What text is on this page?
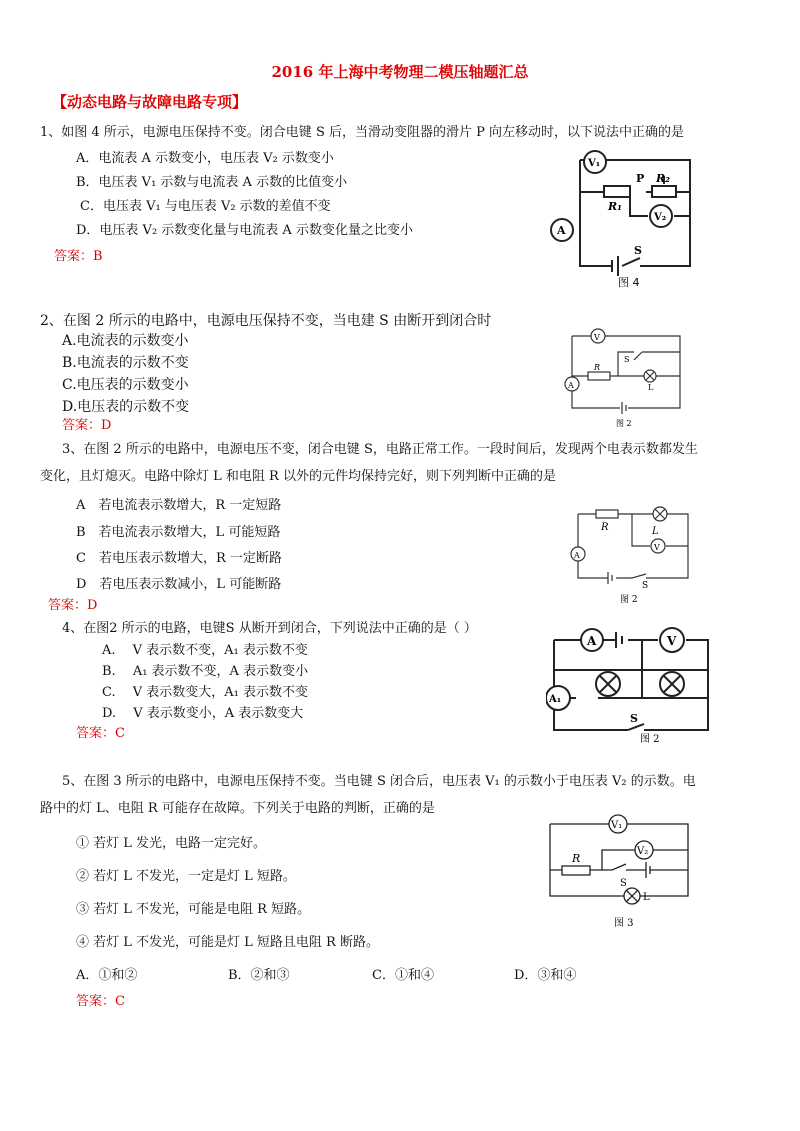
2016 年上海中考物理二模压轴题汇总
【动态电路与故障电路专项】
1、如图 4 所示，电源电压保持不变。闭合电键 S 后，当滑动变阻器的滑片 P 向左移动时，以下说法中正确的是
A．电流表 A 示数变小，电压表 V₂ 示数变小
B．电压表 V₁ 示数与电流表 A 示数的比值变小
C．电压表 V₁ 与电压表 V₂ 示数的差值不变
D．电压表 V₂ 示数变化量与电流表 A 示数变化量之比变小
答案：B
V₁
P R₂
R₁
V₂
A
S
图 4
2、在图 2 所示的电路中，电源电压保持不变，当电建 S 由断开到闭合时
A.电流表的示数变小
B.电流表的示数不变
C.电压表的示数变小
D.电压表的示数不变
答案：D
V
S
R
L
A
图 2
3、在图 2 所示的电路中，电源电压不变，闭合电键 S，电路正常工作。一段时间后，发现两个电表示数都发生
变化，且灯熄灭。电路中除灯 L 和电阻 R 以外的元件均保持完好，则下列判断中正确的是
A　若电流表示数增大，R 一定短路
B　若电流表示数增大，L 可能短路
C　若电压表示数增大，R 一定断路
D　若电压表示数减小，L 可能断路
答案：D
R	L
V
A
S
图 2
4、在图2 所示的电路，电键S 从断开到闭合，下列说法中正确的是（ ）
A.　 V 表示数不变，A₁ 表示数不变
B.　 A₁ 表示数不变，A 表示数变小
C.　 V 表示数变大，A₁ 表示数不变
D.　 V 表示数变小，A 表示数变大
答案：C
A	V
A₁
S
图 2
5、在图 3 所示的电路中，电源电压保持不变。当电键 S 闭合后，电压表 V₁ 的示数小于电压表 V₂ 的示数。电
路中的灯 L、电阻 R 可能存在故障。下列关于电路的判断，正确的是
① 若灯 L 发光，电路一定完好。
② 若灯 L 不发光，一定是灯 L 短路。
③ 若灯 L 不发光，可能是电阻 R 短路。
④ 若灯 L 不发光，可能是灯 L 短路且电阻 R 断路。
A．①和②	B．②和③	C．①和④	D．③和④
答案：C
V₁
V₂
R
S
L
图 3
